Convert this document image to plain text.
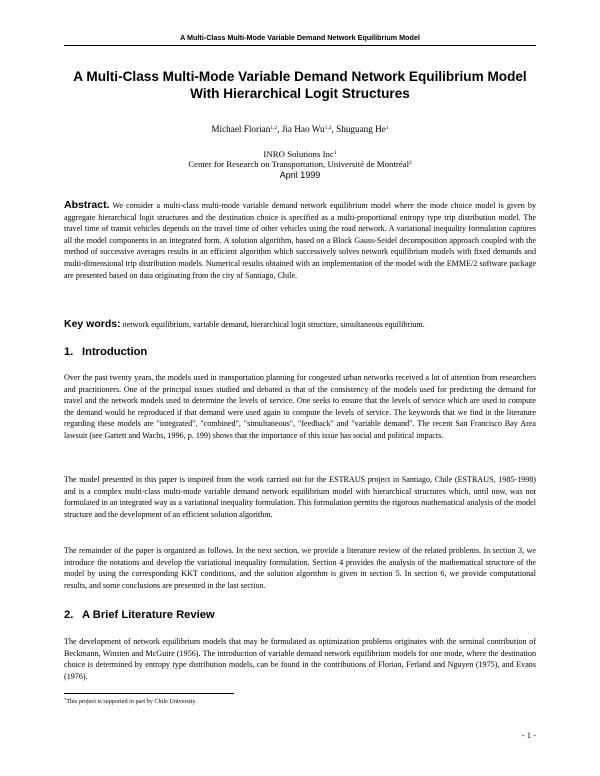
A Multi-Class Multi-Mode Variable Demand Network Equilibrium Model
A Multi-Class Multi-Mode Variable Demand Network Equilibrium Model
With Hierarchical Logit Structures
Michael Florian$^{1,2}$, Jia Hao Wu$^{1,2}$, Shuguang He$^1$
INRO Solutions Inc$^1$
Center for Research on Transportation, Université de Montréal$^2$
April 1999

Abstract. We consider a multi-class multi-mode variable demand network equilibrium model where the mode choice model is given by aggregate hierarchical logit structures and the destination choice is specified as a multi-proportional entropy type trip distribution model. The travel time of transit vehicles depends on the travel time of other vehicles using the road network. A variational inequality formulation captures all the model components in an integrated form. A solution algorithm, based on a Block Gauss-Seidel decomposition approach coupled with the method of successive averages results in an efficient algorithm which successively solves network equilibrium models with fixed demands and multi-dimensional trip distribution models. Numerical results obtained with an implementation of the model with the EMME/2 software package are presented based on data originating from the city of Santiago, Chile.

Key words: network equilibrium, variable demand, hierarchical logit structure, simultaneous equilibrium.

1. Introduction

Over the past twenty years, the models used in transportation planning for congested urban networks received a lot of attention from researchers and practitioners. One of the principal issues studied and debated is that of the consistency of the models used for predicting the demand for travel and the network models used to determine the levels of service. One seeks to ensure that the levels of service which are used to compute the demand would be reproduced if that demand were used again to compute the levels of service. The keywords that we find in the literature regarding these models are "integrated", "combined", "simultaneous", "feedback" and "variable demand". The recent San Francisco Bay Area lawsuit (see Gattett and Wachs, 1996, p. 199) shows that the importance of this issue has social and political impacts.

The model presented in this paper is inspired from the work carried out for the ESTRAUS project in Santiago, Chile (ESTRAUS, 1985-1998) and is a complex multi-class multi-mode variable demand network equilibrium model with hierarchical structures which, until now, was not formulated in an integrated way as a variational inequality formulation. This formulation permits the rigorous mathematical analysis of the model structure and the development of an efficient solution algorithm.

The remainder of the paper is organized as follows. In the next section, we provide a literature review of the related problems. In section 3, we introduce the notations and develop the variational inequality formulation. Section 4 provides the analysis of the mathematical structure of the model by using the corresponding KKT conditions, and the solution algorithm is given in section 5. In section 6, we provide computational results, and some conclusions are presented in the last section.

2. A Brief Literature Review

The development of network equilibrium models that may be formulated as optimization problems originates with the seminal contribution of Beckmann, Winsten and McGuire (1956). The introduction of variable demand network equilibrium models for one mode, where the destination choice is determined by entropy type distribution models, can be found in the contributions of Florian, Ferland and Nguyen (1975), and Evans (1976).

*This project is supported in part by Chile University.
- 1 -
